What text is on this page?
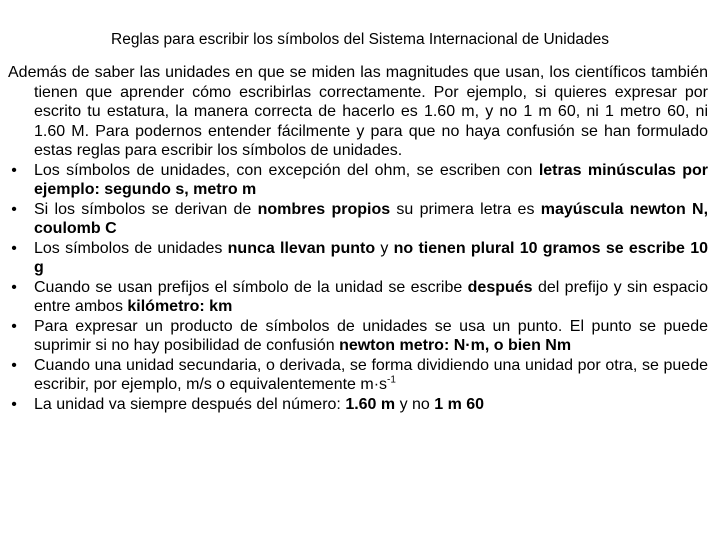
Reglas para escribir los símbolos del Sistema Internacional de Unidades

Además de saber las unidades en que se miden las magnitudes que usan, los científicos también tienen que aprender cómo escribirlas correctamente. Por ejemplo, si quieres expresar por escrito tu estatura, la manera correcta de hacerlo es 1.60 m, y no 1 m 60, ni 1 metro 60, ni 1.60 M. Para podernos entender fácilmente y para que no haya confusión se han formulado estas reglas para escribir los símbolos de unidades.

• Los símbolos de unidades, con excepción del ohm, se escriben con letras minúsculas por ejemplo: segundo s, metro m
• Si los símbolos se derivan de nombres propios su primera letra es mayúscula newton N, coulomb C
• Los símbolos de unidades nunca llevan punto y no tienen plural 10 gramos se escribe 10 g
• Cuando se usan prefijos el símbolo de la unidad se escribe después del prefijo y sin espacio entre ambos kilómetro: km
• Para expresar un producto de símbolos de unidades se usa un punto. El punto se puede suprimir si no hay posibilidad de confusión newton metro: N·m, o bien Nm
• Cuando una unidad secundaria, o derivada, se forma dividiendo una unidad por otra, se puede escribir, por ejemplo, m/s o equivalentemente $m\cdot s^{-1}$
• La unidad va siempre después del número: 1.60 m y no 1 m 60
